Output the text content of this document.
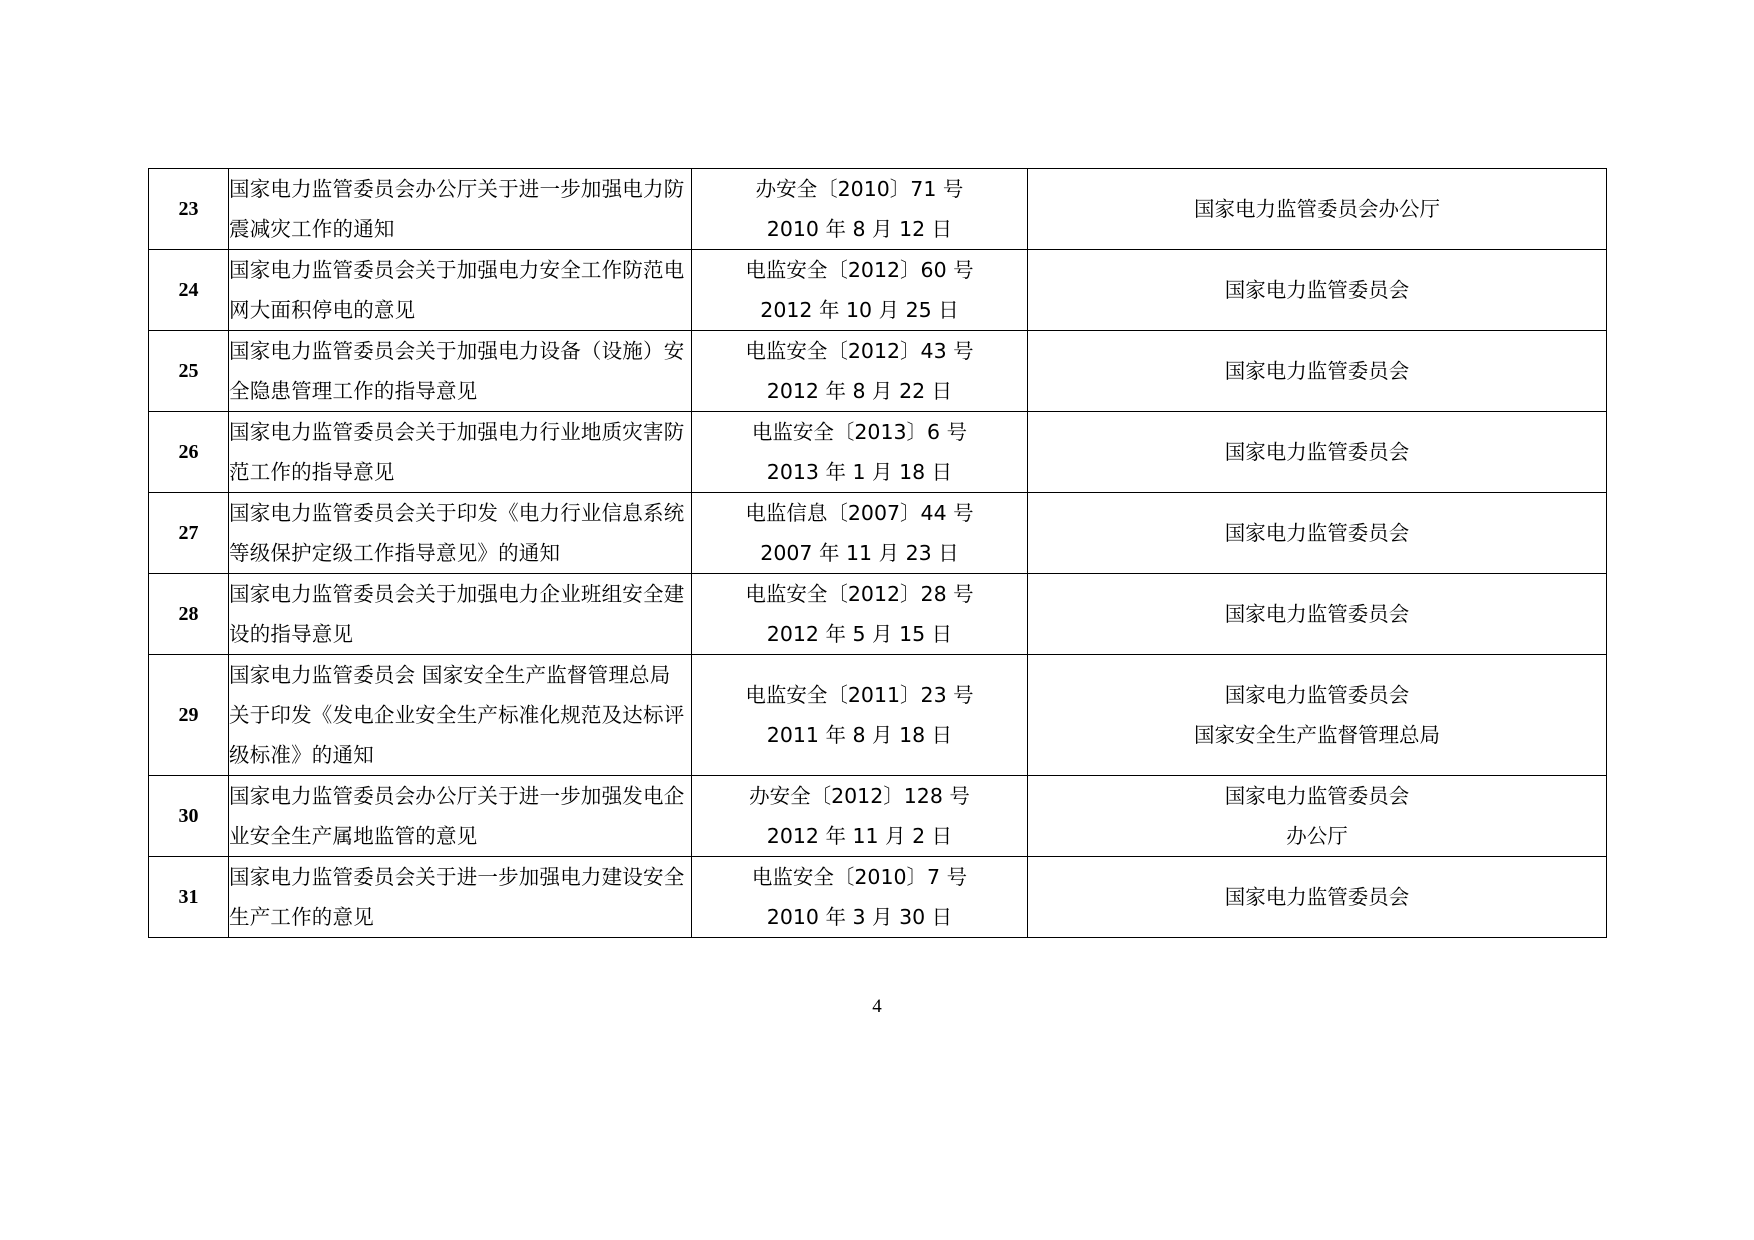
23	国家电力监管委员会办公厅关于进一步加强电力防
震减灾工作的通知	办安全〔2010〕71 号
2010 年 8 月 12 日	国家电力监管委员会办公厅

24	国家电力监管委员会关于加强电力安全工作防范电
网大面积停电的意见	电监安全〔2012〕60 号
2012 年 10 月 25 日	国家电力监管委员会

25	国家电力监管委员会关于加强电力设备（设施）安
全隐患管理工作的指导意见	电监安全〔2012〕43 号
2012 年 8 月 22 日	国家电力监管委员会

26	国家电力监管委员会关于加强电力行业地质灾害防
范工作的指导意见	电监安全〔2013〕6 号
2013 年 1 月 18 日	国家电力监管委员会

27	国家电力监管委员会关于印发《电力行业信息系统
等级保护定级工作指导意见》的通知	电监信息〔2007〕44 号
2007 年 11 月 23 日	国家电力监管委员会

28	国家电力监管委员会关于加强电力企业班组安全建
设的指导意见	电监安全〔2012〕28 号
2012 年 5 月 15 日	国家电力监管委员会

29	国家电力监管委员会 国家安全生产监督管理总局
关于印发《发电企业安全生产标准化规范及达标评
级标准》的通知	电监安全〔2011〕23 号
2011 年 8 月 18 日	国家电力监管委员会
国家安全生产监督管理总局

30	国家电力监管委员会办公厅关于进一步加强发电企
业安全生产属地监管的意见	办安全〔2012〕128 号
2012 年 11 月 2 日	国家电力监管委员会
办公厅

31	国家电力监管委员会关于进一步加强电力建设安全
生产工作的意见	电监安全〔2010〕7 号
2010 年 3 月 30 日	国家电力监管委员会
4
